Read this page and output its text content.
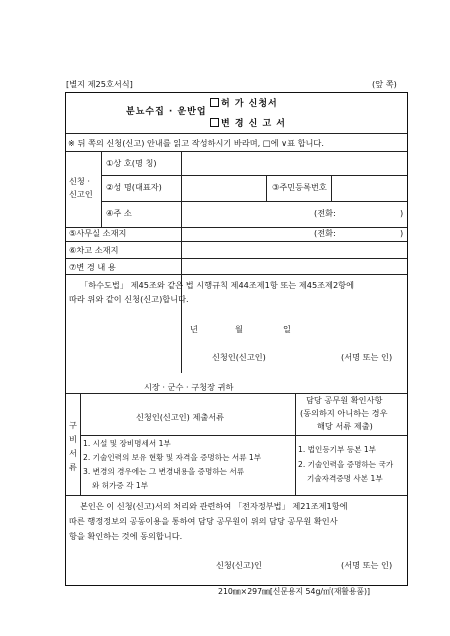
[별지 제25호서식]	(앞 쪽)
분뇨수집 · 운반업
허 가 신청서
변 경 신 고 서
※ 뒤 쪽의 신청(신고) 안내를 읽고 작성하시기 바라며, □에 ∨표 합니다.
신청 ·
신고인
①상 호(명 칭)
②성 명(대표자)	③주민등록번호
④주 소	(전화:	)
⑤사무실 소재지	(전화:	)
⑥차고 소재지
⑦변 경 내 용
「하수도법」 제45조와 같은 법 시행규칙 제44조제1항 또는 제45조제2항에
따라 위와 같이 신청(신고)합니다.
년	월	일
신청인(신고인)	(서명 또는 인)
시장 · 군수 · 구청장 귀하
구
비
서
류
신청인(신고인) 제출서류
담당 공무원 확인사항
(동의하지 아니하는 경우
해당 서류 제출)
1. 시설 및 장비명세서 1부
2. 기술인력의 보유 현황 및 자격을 증명하는 서류 1부
3. 변경의 경우에는 그 변경내용을 증명하는 서류
와 허가증 각 1부
1. 법인등기부 등본 1부
2. 기술인력을 증명하는 국가
기술자격증명 사본 1부
본인은 이 신청(신고)서의 처리와 관련하여 「전자정부법」 제21조제1항에
따른 행정정보의 공동이용을 통하여 담당 공무원이 위의 담당 공무원 확인사
항을 확인하는 것에 동의합니다.
신청(신고)인	(서명 또는 인)
210㎜×297㎜[신문용지 54g/㎡(재활용품)]
